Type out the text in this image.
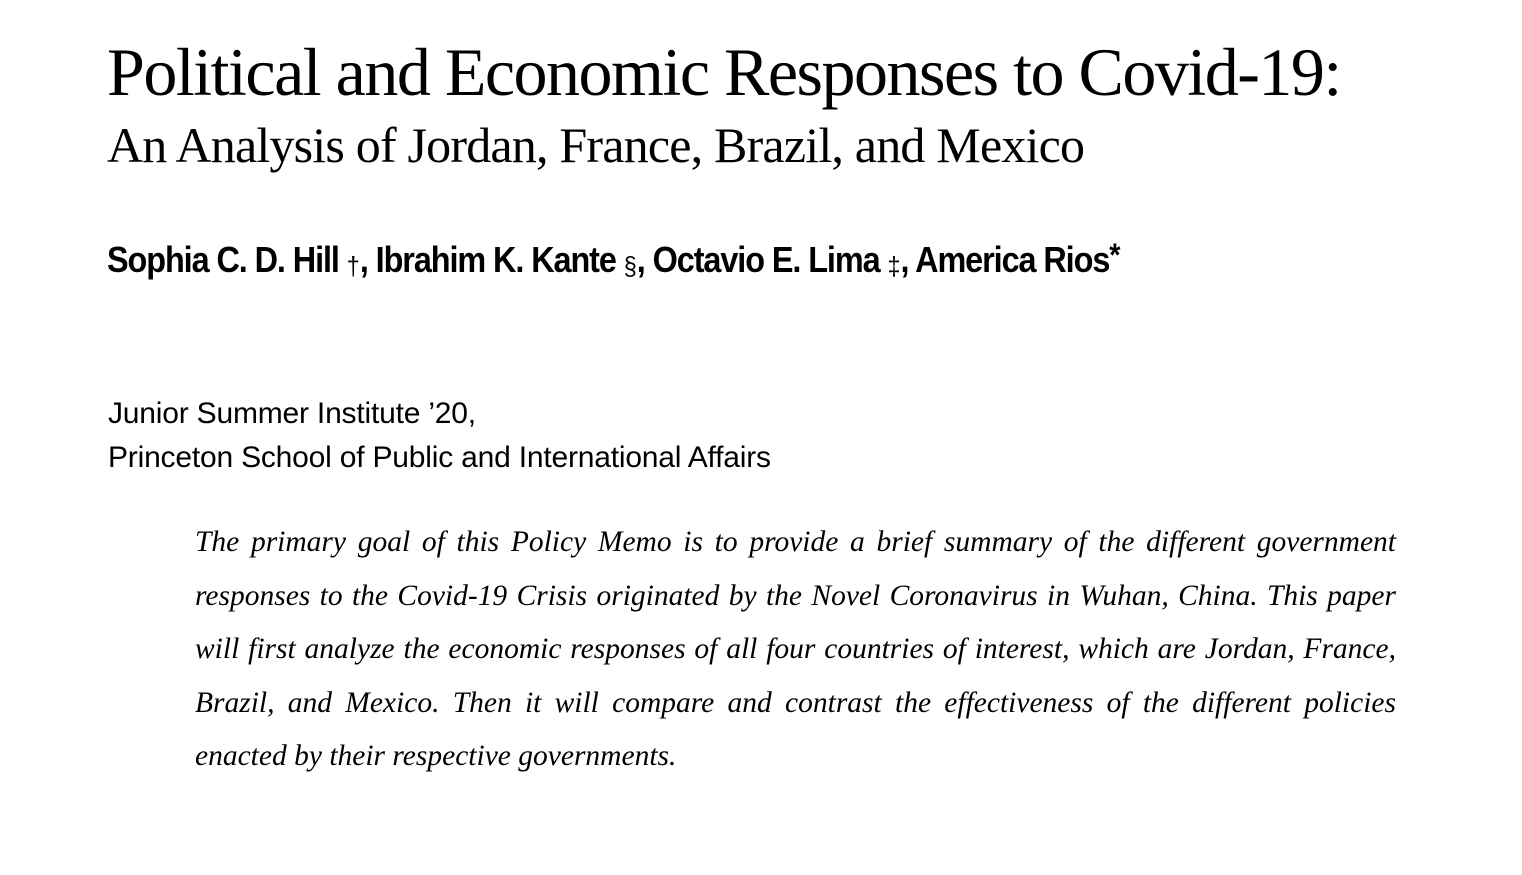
Political and Economic Responses to Covid-19:
An Analysis of Jordan, France, Brazil, and Mexico
Sophia C. D. Hill †, Ibrahim K. Kante §, Octavio E. Lima ‡, America Rios*
Junior Summer Institute ’20,
Princeton School of Public and International Affairs

The primary goal of this Policy Memo is to provide a brief summary of the different government responses to the Covid-19 Crisis originated by the Novel Coronavirus in Wuhan, China. This paper will first analyze the economic responses of all four countries of interest, which are Jordan, France, Brazil, and Mexico. Then it will compare and contrast the effectiveness of the different policies enacted by their respective governments.
